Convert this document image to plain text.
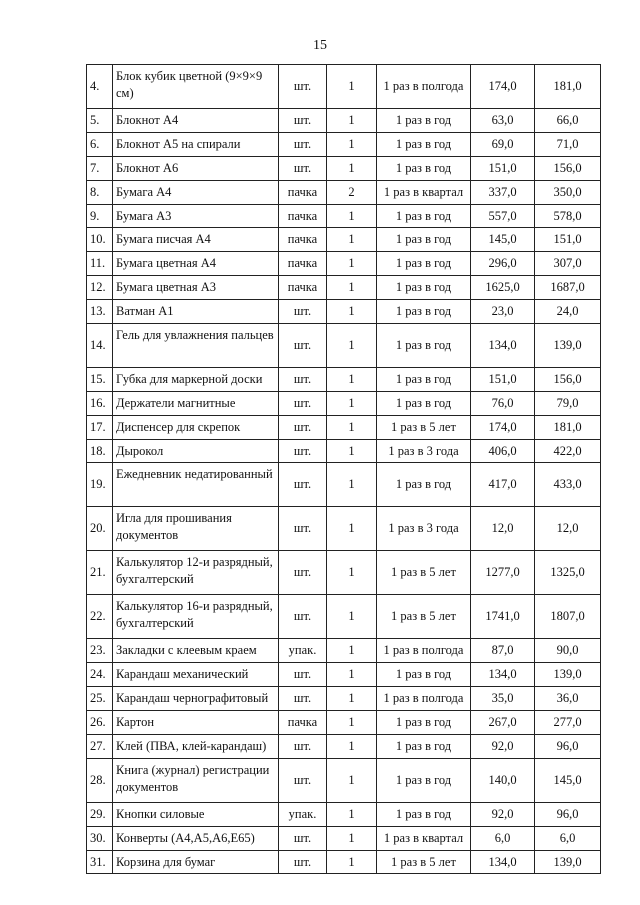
15
4.	Блок кубик цветной (9×9×9 см)	шт.	1	1 раз в полгода	174,0	181,0
5.	Блокнот А4	шт.	1	1 раз в год	63,0	66,0
6.	Блокнот А5 на спирали	шт.	1	1 раз в год	69,0	71,0
7.	Блокнот А6	шт.	1	1 раз в год	151,0	156,0
8.	Бумага А4	пачка	2	1 раз в квартал	337,0	350,0
9.	Бумага А3	пачка	1	1 раз в год	557,0	578,0
10.	Бумага писчая А4	пачка	1	1 раз в год	145,0	151,0
11.	Бумага цветная А4	пачка	1	1 раз в год	296,0	307,0
12.	Бумага цветная А3	пачка	1	1 раз в год	1625,0	1687,0
13.	Ватман А1	шт.	1	1 раз в год	23,0	24,0
14.	Гель для увлажнения пальцев	шт.	1	1 раз в год	134,0	139,0
15.	Губка для маркерной доски	шт.	1	1 раз в год	151,0	156,0
16.	Держатели магнитные	шт.	1	1 раз в год	76,0	79,0
17.	Диспенсер для скрепок	шт.	1	1 раз в 5 лет	174,0	181,0
18.	Дырокол	шт.	1	1 раз в 3 года	406,0	422,0
19.	Ежедневник недатированный	шт.	1	1 раз в год	417,0	433,0
20.	Игла для прошивания документов	шт.	1	1 раз в 3 года	12,0	12,0
21.	Калькулятор 12-и разрядный, бухгалтерский	шт.	1	1 раз в 5 лет	1277,0	1325,0
22.	Калькулятор 16-и разрядный, бухгалтерский	шт.	1	1 раз в 5 лет	1741,0	1807,0
23.	Закладки с клеевым краем	упак.	1	1 раз в полгода	87,0	90,0
24.	Карандаш механический	шт.	1	1 раз в год	134,0	139,0
25.	Карандаш чернографитовый	шт.	1	1 раз в полгода	35,0	36,0
26.	Картон	пачка	1	1 раз в год	267,0	277,0
27.	Клей (ПВА, клей-карандаш)	шт.	1	1 раз в год	92,0	96,0
28.	Книга (журнал) регистрации документов	шт.	1	1 раз в год	140,0	145,0
29.	Кнопки силовые	упак.	1	1 раз в год	92,0	96,0
30.	Конверты (А4,А5,А6,Е65)	шт.	1	1 раз в квартал	6,0	6,0
31.	Корзина для бумаг	шт.	1	1 раз в 5 лет	134,0	139,0
